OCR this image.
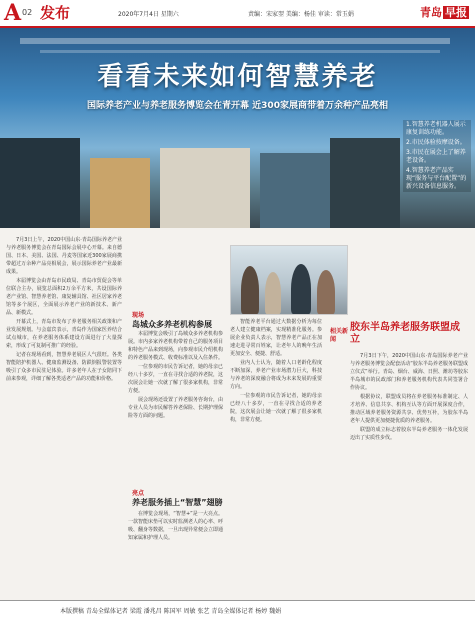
A 02 发布	2020年7月4日 星期六	责编：宋家翌 美编：杨佳 审读：常玉娟	青岛 早报
看看未来如何智慧养老
国际养老产业与养老服务博览会在青开幕 近300家展商带着万余种产品亮相
1.智慧养老机器人展示康复训练功能。
2.市民体验按摩设备。
3.市民在展会上了解养老设备。
4.智慧养老产品实现“服务与平台配置”的新兴设备信息服务。

7月3日上午，2020中国山东·青岛国际养老产业与养老服务博览会在青岛国际会展中心开幕。来自德国、日本、美国、法国、丹麦等国家近300家展商携带超过万余种产品亮相展会，展示国际养老产业最新成果。

本届博览会由青岛市民政局、青岛市贸促会等单位联合主办，展览总面积2万余平方米，共设国际养老产业馆、智慧养老馆、康复辅具馆、社区居家养老馆等多个展区，全面展示养老产业的新技术、新产品、新模式。

开幕式上，青岛市发布了养老服务相关政策和产业发展规划。与会嘉宾表示，青岛作为国家医养结合试点城市，在养老服务体系建设方面进行了大量探索，形成了可复制可推广的经验。

记者在现场看到，智慧养老展区人气很旺。各类智能陪护机器人、健康监测设备、防跌倒报警装置等吸引了众多市民驻足体验。许多老年人在子女陪同下前来参观，详细了解各类适老产品的功能和价格。

本届博览会吸引了岛城众多养老机构参展。市内多家养老机构带着自己的服务项目和特色产品来到现场，向参观市民介绍机构的养老服务模式、收费标准以及入住条件。

一位参观的市民告诉记者，她的母亲已经八十多岁，一直在寻找合适的养老院，这次展会让她一次就了解了很多家机构，非常方便。

展会现场还设置了养老服务咨询台，由专业人员为市民解答养老保险、长期护理保险等方面的问题。

现场
岛城众多养老机构参展
亮点
养老服务插上“智慧”翅膀

在博览会现场，“智慧+”是一大亮点。一款智能床垫可以实时监测老人的心率、呼吸、翻身等数据，一旦出现异常便会立即通知家属和护理人员。

智能养老平台通过大数据分析为每位老人建立健康档案，实现精准化服务。参展企业负责人表示，智慧养老产品正在加速走进寻常百姓家，让老年人的晚年生活更加安全、便捷、舒适。

业内人士认为，随着人口老龄化程度不断加深，养老产业市场潜力巨大，科技与养老的深度融合将成为未来发展的重要方向。

一位参观的市民告诉记者，她的母亲已经八十多岁，一直在寻找合适的养老院，这次展会让她一次就了解了很多家机构，非常方便。

相关新闻
胶东半岛养老服务联盟成立

7月3日下午，2020中国山东·青岛国际养老产业与养老服务博览会配套活动“胶东半岛养老服务联盟成立仪式”举行。青岛、烟台、威海、日照、潍坊等胶东半岛城市的民政部门和养老服务机构代表共同签署合作协议。

根据协议，联盟成员将在养老服务标准制定、人才培养、信息共享、机构互认等方面开展深度合作，推动区域养老服务资源共享、优势互补，为胶东半岛老年人提供更加便捷优质的养老服务。

联盟的成立标志着胶东半岛养老服务一体化发展迈出了实质性步伐。

本版撰稿 青岛全媒体记者 梁霞 潘兆昌 陈国军 周敏 张艺 青岛全媒体记者 杨婷 魏娟
